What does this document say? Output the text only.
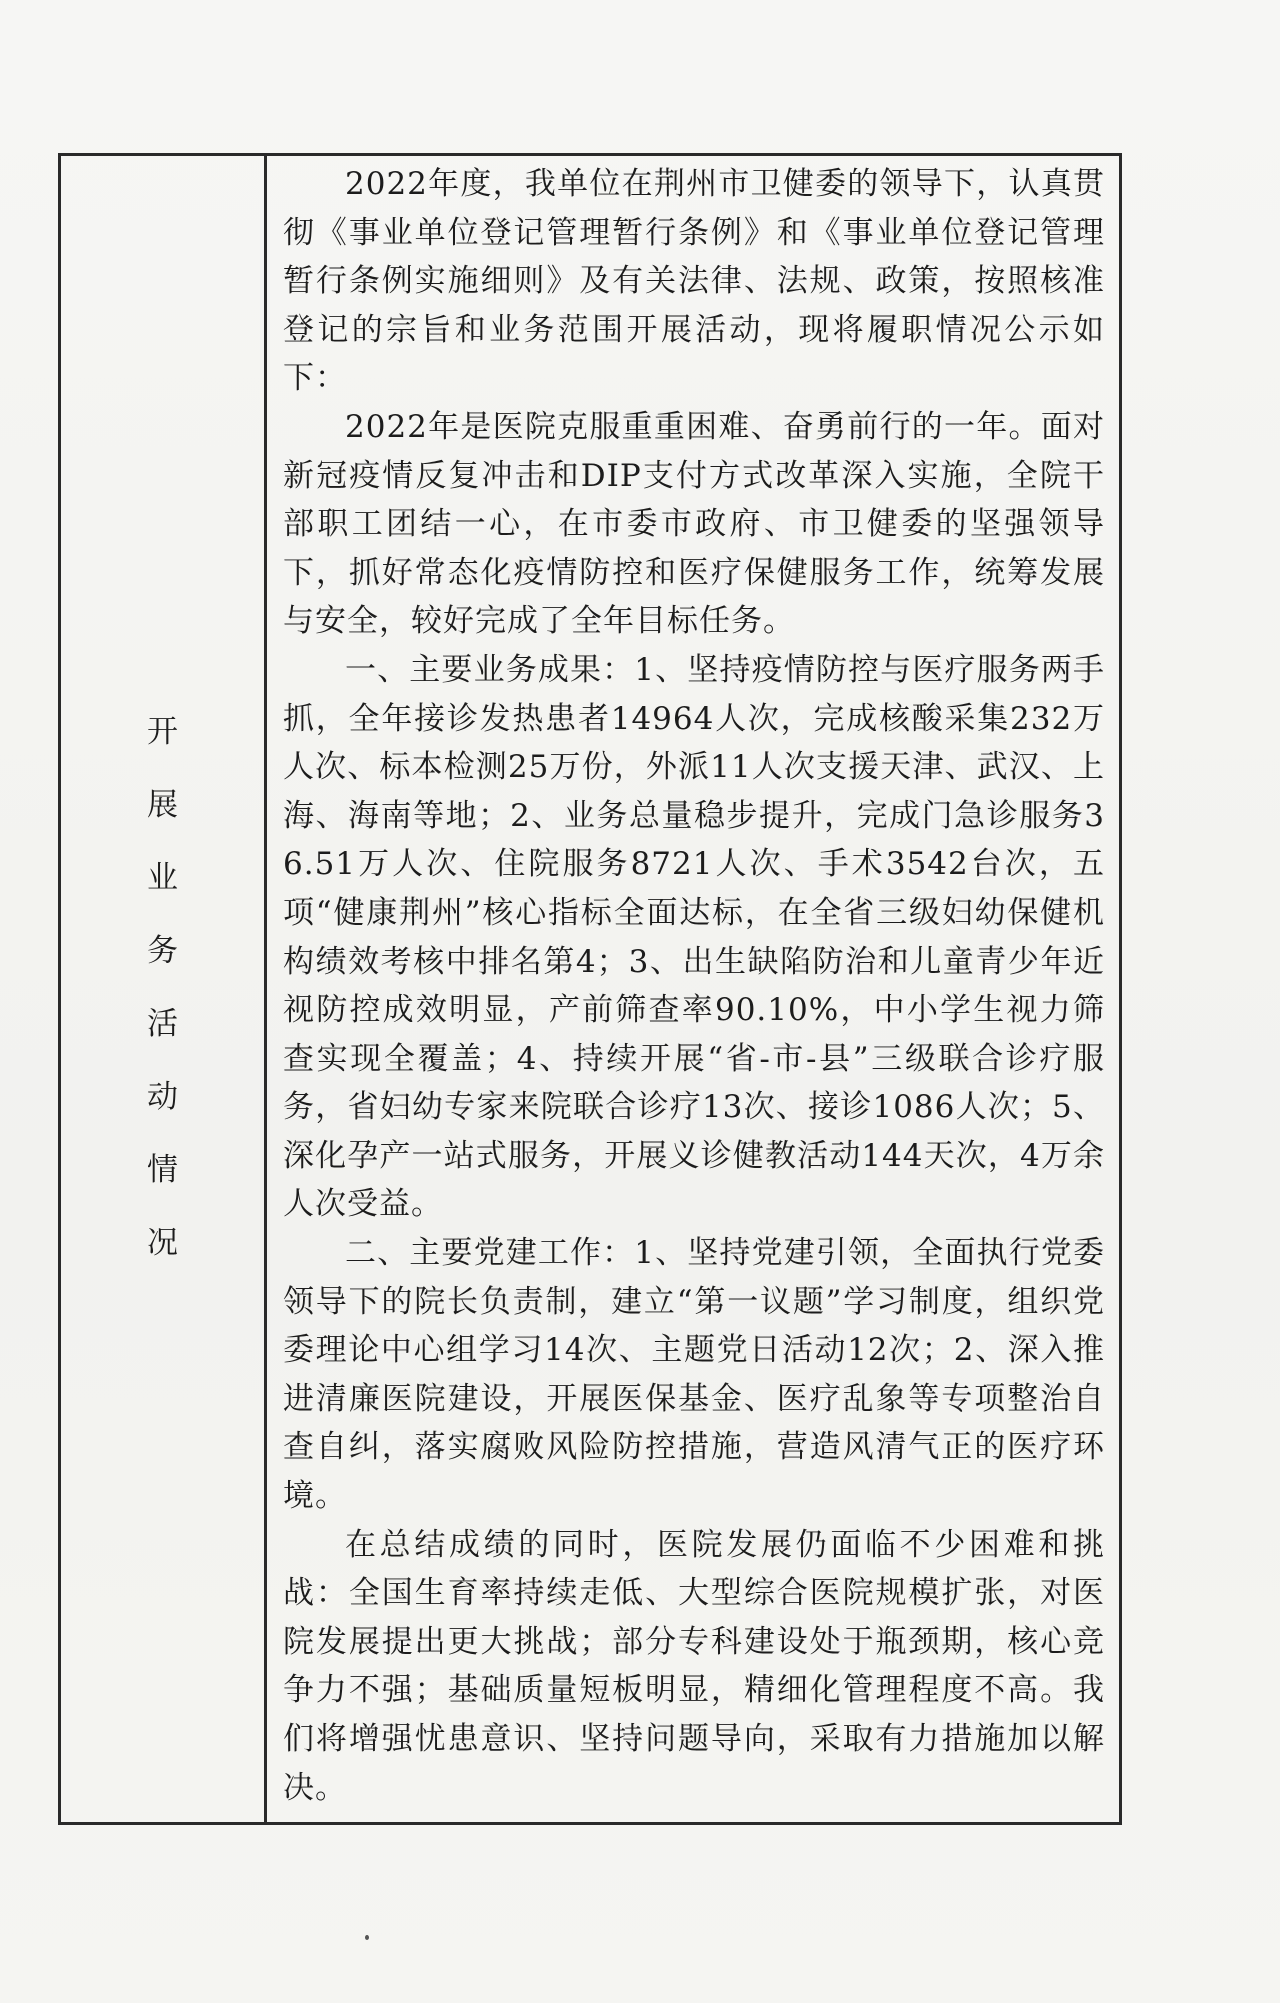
开
展
业
务
活
动
情
况

2022年度，我单位在荆州市卫健委的领导下，认真贯彻《事业单位登记管理暂行条例》和《事业单位登记管理暂行条例实施细则》及有关法律、法规、政策，按照核准登记的宗旨和业务范围开展活动，现将履职情况公示如下：

2022年是医院克服重重困难、奋勇前行的一年。面对新冠疫情反复冲击和DIP支付方式改革深入实施，全院干部职工团结一心，在市委市政府、市卫健委的坚强领导下，抓好常态化疫情防控和医疗保健服务工作，统筹发展与安全，较好完成了全年目标任务。

一、主要业务成果：1、坚持疫情防控与医疗服务两手抓，全年接诊发热患者14964人次，完成核酸采集232万人次、标本检测25万份，外派11人次支援天津、武汉、上海、海南等地；2、业务总量稳步提升，完成门急诊服务36.51万人次、住院服务8721人次、手术3542台次，五项“健康荆州”核心指标全面达标，在全省三级妇幼保健机构绩效考核中排名第4；3、出生缺陷防治和儿童青少年近视防控成效明显，产前筛查率90.10%，中小学生视力筛查实现全覆盖；4、持续开展“省-市-县”三级联合诊疗服务，省妇幼专家来院联合诊疗13次、接诊1086人次；5、深化孕产一站式服务，开展义诊健教活动144天次，4万余人次受益。

二、主要党建工作：1、坚持党建引领，全面执行党委领导下的院长负责制，建立“第一议题”学习制度，组织党委理论中心组学习14次、主题党日活动12次；2、深入推进清廉医院建设，开展医保基金、医疗乱象等专项整治自查自纠，落实腐败风险防控措施，营造风清气正的医疗环境。

在总结成绩的同时，医院发展仍面临不少困难和挑战：全国生育率持续走低、大型综合医院规模扩张，对医院发展提出更大挑战；部分专科建设处于瓶颈期，核心竞争力不强；基础质量短板明显，精细化管理程度不高。我们将增强忧患意识、坚持问题导向，采取有力措施加以解决。
